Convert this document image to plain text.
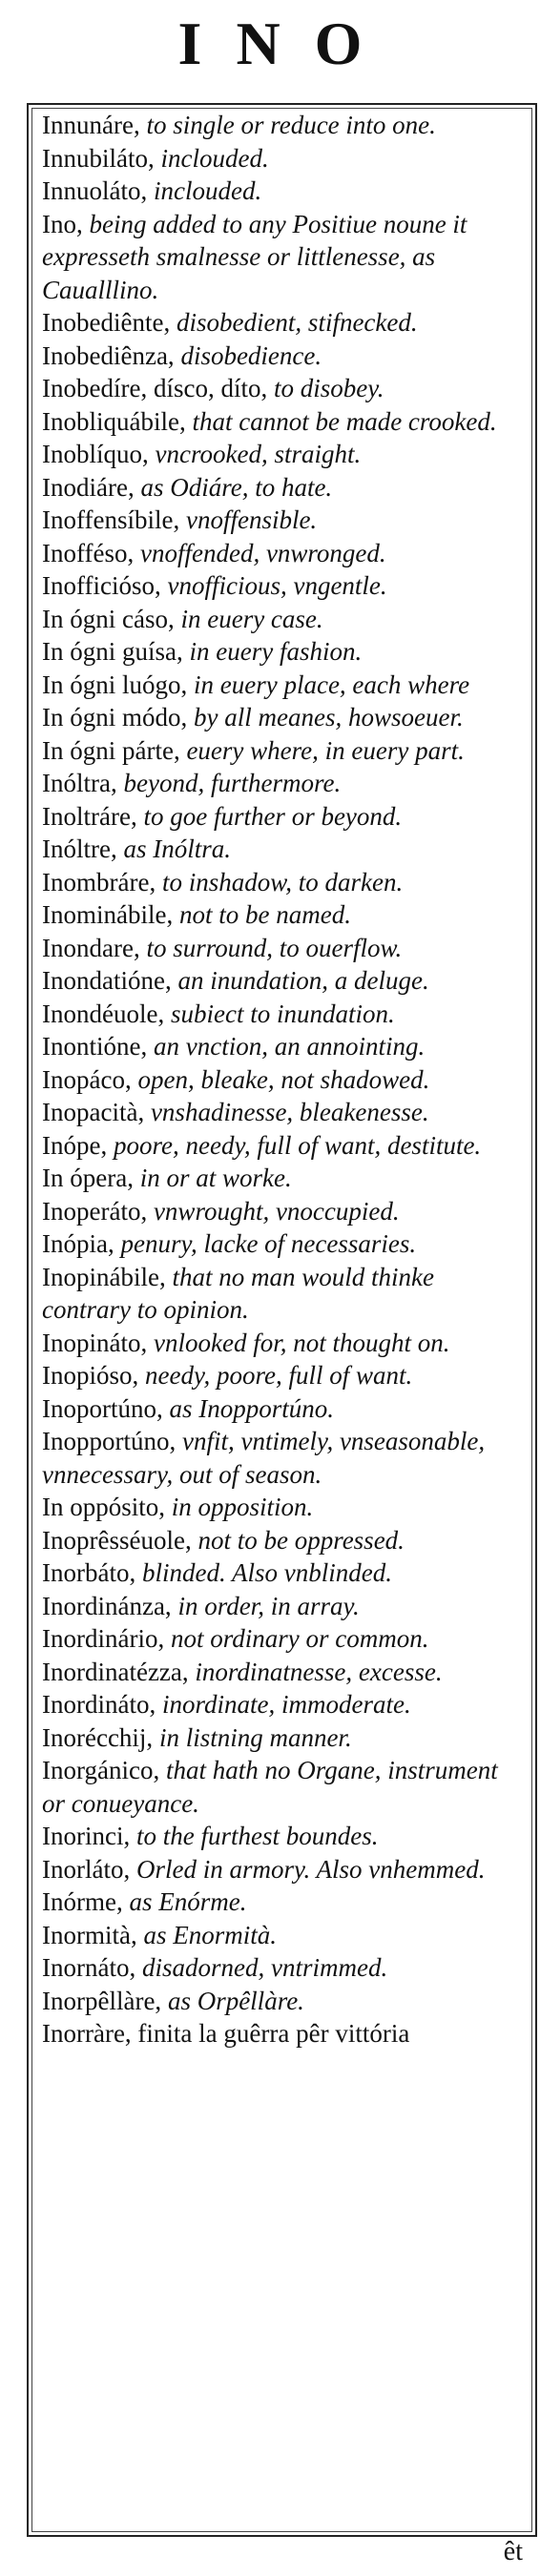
INO
Innunáre, to single or reduce into one.
Innubiláto, inclouded.
Innuoláto, inclouded.
Ino, being added to any Positiue noune it expresseth smalnesse or littlenesse, as Caualllino.
Inobediênte, disobedient, stifnecked.
Inobediênza, disobedience.
Inobedíre, dísco, díto, to disobey.
Inobliquábile, that cannot be made crooked.
Inoblíquo, vncrooked, straight.
Inodiáre, as Odiáre, to hate.
Inoffensíbile, vnoffensible.
Inofféso, vnoffended, vnwronged.
Inofficióso, vnofficious, vngentle.
In ógni cáso, in euery case.
In ógni guísa, in euery fashion.
In ógni luógo, in euery place, each where
In ógni módo, by all meanes, howsoeuer.
In ógni párte, euery where, in euery part.
Inóltra, beyond, furthermore.
Inoltráre, to goe further or beyond.
Inóltre, as Inóltra.
Inombráre, to inshadow, to darken.
Inominábile, not to be named.
Inondare, to surround, to ouerflow.
Inondatióne, an inundation, a deluge.
Inondéuole, subiect to inundation.
Inontióne, an vnction, an annointing.
Inopáco, open, bleake, not shadowed.
Inopacità, vnshadinesse, bleakenesse.
Inópe, poore, needy, full of want, destitute.
In ópera, in or at worke.
Inoperáto, vnwrought, vnoccupied.
Inópia, penury, lacke of necessaries.
Inopinábile, that no man would thinke contrary to opinion.
Inopináto, vnlooked for, not thought on.
Inopióso, needy, poore, full of want.
Inoportúno, as Inopportúno.
Inopportúno, vnfit, vntimely, vnseasonable, vnnecessary, out of season.
In oppósito, in opposition.
Inoprêsséuole, not to be oppressed.
Inorbáto, blinded. Also vnblinded.
Inordinánza, in order, in array.
Inordinário, not ordinary or common.
Inordinatézza, inordinatnesse, excesse.
Inordináto, inordinate, immoderate.
Inorécchij, in listning manner.
Inorgánico, that hath no Organe, instrument or conueyance.
Inorinci, to the furthest boundes.
Inorláto, Orled in armory. Also vnhemmed.
Inórme, as Enórme.
Inormità, as Enormità.
Inornáto, disadorned, vntrimmed.
Inorpêllàre, as Orpêllàre.
Inorràre, finita la guêrra pêr vittória
êt
